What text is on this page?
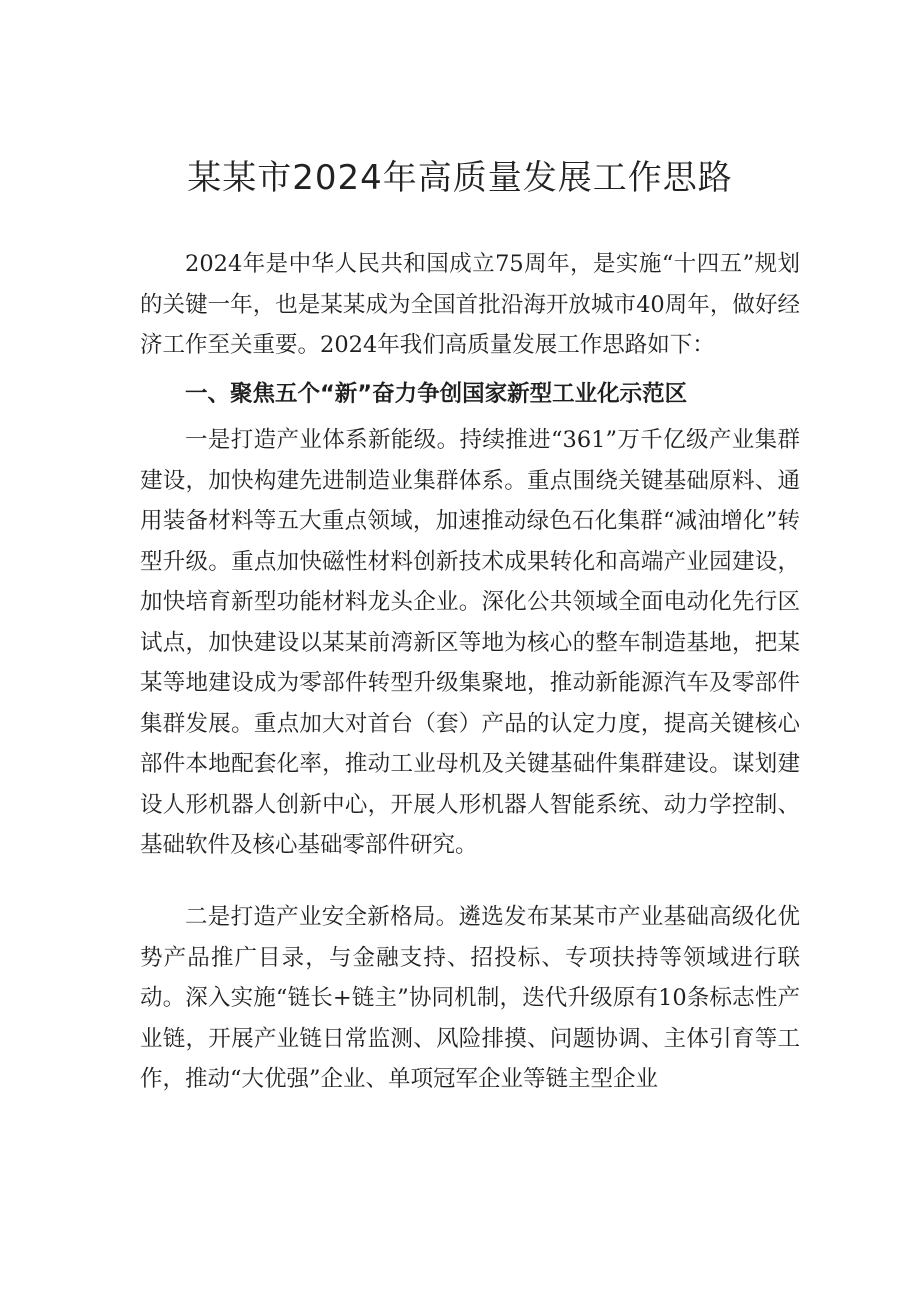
某某市2024年高质量发展工作思路

2024年是中华人民共和国成立75周年，是实施“十四五”规划的关键一年，也是某某成为全国首批沿海开放城市40周年，做好经济工作至关重要。2024年我们高质量发展工作思路如下：

一、聚焦五个“新”奋力争创国家新型工业化示范区

一是打造产业体系新能级。持续推进“361”万千亿级产业集群建设，加快构建先进制造业集群体系。重点围绕关键基础原料、通用装备材料等五大重点领域，加速推动绿色石化集群“减油增化”转型升级。重点加快磁性材料创新技术成果转化和高端产业园建设，加快培育新型功能材料龙头企业。深化公共领域全面电动化先行区试点，加快建设以某某前湾新区等地为核心的整车制造基地，把某某等地建设成为零部件转型升级集聚地，推动新能源汽车及零部件集群发展。重点加大对首台（套）产品的认定力度，提高关键核心部件本地配套化率，推动工业母机及关键基础件集群建设。谋划建设人形机器人创新中心，开展人形机器人智能系统、动力学控制、基础软件及核心基础零部件研究。

二是打造产业安全新格局。遴选发布某某市产业基础高级化优势产品推广目录，与金融支持、招投标、专项扶持等领域进行联动。深入实施“链长+链主”协同机制，迭代升级原有10条标志性产业链，开展产业链日常监测、风险排摸、问题协调、主体引育等工作，推动“大优强”企业、单项冠军企业等链主型企业
